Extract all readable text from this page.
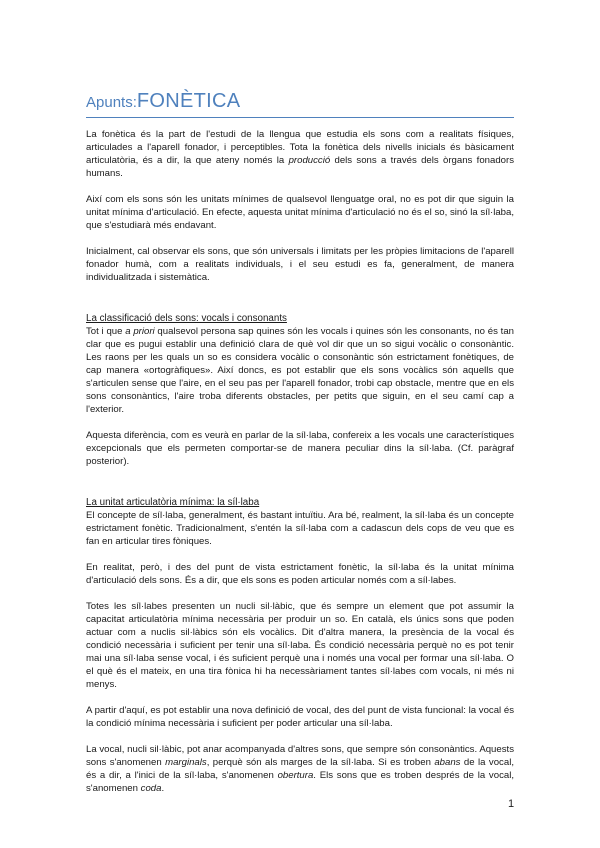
Apunts:FONÈTICA

La fonètica és la part de l'estudi de la llengua que estudia els sons com a realitats físiques, articulades a l'aparell fonador, i perceptibles. Tota la fonètica dels nivells inicials és bàsicament articulatòria, és a dir, la que ateny només la producció dels sons a través dels òrgans fonadors humans.

Així com els sons són les unitats mínimes de qualsevol llenguatge oral, no es pot dir que siguin la unitat mínima d'articulació. En efecte, aquesta unitat mínima d'articulació no és el so, sinó la síl·laba, que s'estudiarà més endavant.

Inicialment, cal observar els sons, que són universals i limitats per les pròpies limitacions de l'aparell fonador humà, com a realitats individuals, i el seu estudi es fa, generalment, de manera individualitzada i sistemàtica.

La classificació dels sons: vocals i consonants

Tot i que a priori qualsevol persona sap quines són les vocals i quines són les consonants, no és tan clar que es pugui establir una definició clara de què vol dir que un so sigui vocàlic o consonàntic. Les raons per les quals un so es considera vocàlic o consonàntic són estrictament fonètiques, de cap manera «ortogràfiques». Així doncs, es pot establir que els sons vocàlics són aquells que s'articulen sense que l'aire, en el seu pas per l'aparell fonador, trobi cap obstacle, mentre que en els sons consonàntics, l'aire troba diferents obstacles, per petits que siguin, en el seu camí cap a l'exterior.

Aquesta diferència, com es veurà en parlar de la síl·laba, confereix a les vocals une característiques excepcionals que els permeten comportar-se de manera peculiar dins la síl·laba. (Cf. paràgraf posterior).

La unitat articulatòria mínima: la síl·laba

El concepte de síl·laba, generalment, és bastant intuïtiu. Ara bé, realment, la síl·laba és un concepte estrictament fonètic. Tradicionalment, s'entén la síl·laba com a cadascun dels cops de veu que es fan en articular tires fòniques.

En realitat, però, i des del punt de vista estrictament fonètic, la síl·laba és la unitat mínima d'articulació dels sons. És a dir, que els sons es poden articular només com a síl·labes.

Totes les síl·labes presenten un nucli sil·làbic, que és sempre un element que pot assumir la capacitat articulatòria mínima necessària per produir un so. En català, els únics sons que poden actuar com a nuclis sil·làbics són els vocàlics. Dit d'altra manera, la presència de la vocal és condició necessària i suficient per tenir una síl·laba. És condició necessària perquè no es pot tenir mai una síl·laba sense vocal, i és suficient perquè una i només una vocal per formar una síl·laba. O el què és el mateix, en una tira fònica hi ha necessàriament tantes síl·labes com vocals, ni més ni menys.

A partir d'aquí, es pot establir una nova definició de vocal, des del punt de vista funcional: la vocal és la condició mínima necessària i suficient per poder articular una síl·laba.

La vocal, nucli sil·làbic, pot anar acompanyada d'altres sons, que sempre són consonàntics. Aquests sons s'anomenen marginals, perquè són als marges de la síl·laba. Si es troben abans de la vocal, és a dir, a l'inici de la síl·laba, s'anomenen obertura. Els sons que es troben després de la vocal, s'anomenen coda.

1
